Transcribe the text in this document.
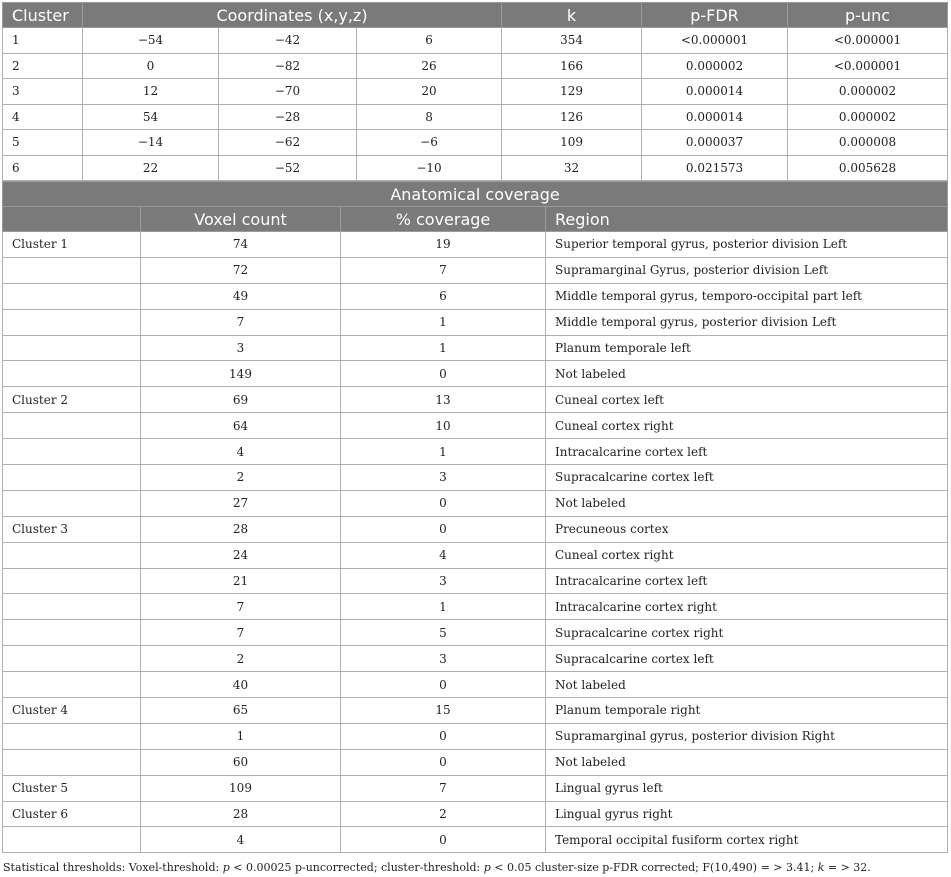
Cluster	Coordinates (x,y,z)			k	p-FDR	p-unc
1	−54	−42	6	354	<0.000001	<0.000001
2	0	−82	26	166	0.000002	<0.000001
3	12	−70	20	129	0.000014	0.000002
4	54	−28	8	126	0.000014	0.000002
5	−14	−62	−6	109	0.000037	0.000008
6	22	−52	−10	32	0.021573	0.005628
Anatomical coverage			
	Voxel count	% coverage	Region
Cluster 1	74	19	Superior temporal gyrus, posterior division Left
	72	7	Supramarginal Gyrus, posterior division Left
	49	6	Middle temporal gyrus, temporo-occipital part left
	7	1	Middle temporal gyrus, posterior division Left
	3	1	Planum temporale left
	149	0	Not labeled
Cluster 2	69	13	Cuneal cortex left
	64	10	Cuneal cortex right
	4	1	Intracalcarine cortex left
	2	3	Supracalcarine cortex left
	27	0	Not labeled
Cluster 3	28	0	Precuneous cortex
	24	4	Cuneal cortex right
	21	3	Intracalcarine cortex left
	7	1	Intracalcarine cortex right
	7	5	Supracalcarine cortex right
	2	3	Supracalcarine cortex left
	40	0	Not labeled
Cluster 4	65	15	Planum temporale right
	1	0	Supramarginal gyrus, posterior division Right
	60	0	Not labeled
Cluster 5	109	7	Lingual gyrus left
Cluster 6	28	2	Lingual gyrus right
	4	0	Temporal occipital fusiform cortex right
Statistical thresholds: Voxel-threshold: p < 0.00025 p-uncorrected; cluster-threshold: p < 0.05 cluster-size p-FDR corrected; F(10,490) = > 3.41; k = > 32.
